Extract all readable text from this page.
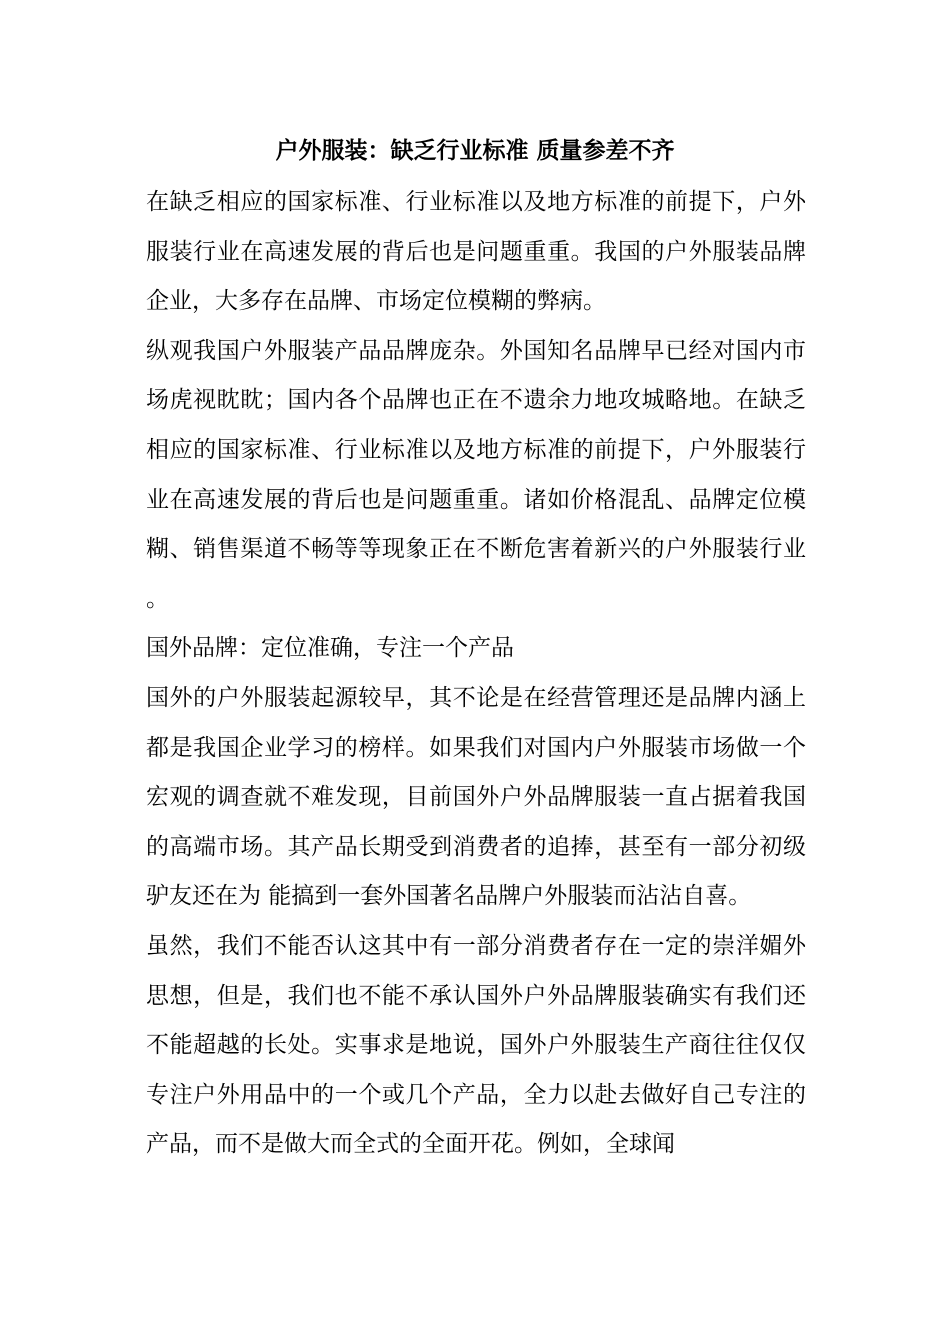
户外服装：缺乏行业标准 质量参差不齐

在缺乏相应的国家标准、行业标准以及地方标准的前提下，户外服装行业在高速发展的背后也是问题重重。我国的户外服装品牌企业，大多存在品牌、市场定位模糊的弊病。

纵观我国户外服装产品品牌庞杂。外国知名品牌早已经对国内市场虎视眈眈；国内各个品牌也正在不遗余力地攻城略地。在缺乏相应的国家标准、行业标准以及地方标准的前提下，户外服装行业在高速发展的背后也是问题重重。诸如价格混乱、品牌定位模糊、销售渠道不畅等等现象正在不断危害着新兴的户外服装行业。

国外品牌：定位准确，专注一个产品

国外的户外服装起源较早，其不论是在经营管理还是品牌内涵上都是我国企业学习的榜样。如果我们对国内户外服装市场做一个宏观的调查就不难发现，目前国外户外品牌服装一直占据着我国的高端市场。其产品长期受到消费者的追捧，甚至有一部分初级驴友还在为 能搞到一套外国著名品牌户外服装而沾沾自喜。

虽然，我们不能否认这其中有一部分消费者存在一定的崇洋媚外思想，但是，我们也不能不承认国外户外品牌服装确实有我们还不能超越的长处。实事求是地说，国外户外服装生产商往往仅仅专注户外用品中的一个或几个产品，全力以赴去做好自己专注的产品，而不是做大而全式的全面开花。例如，全球闻
